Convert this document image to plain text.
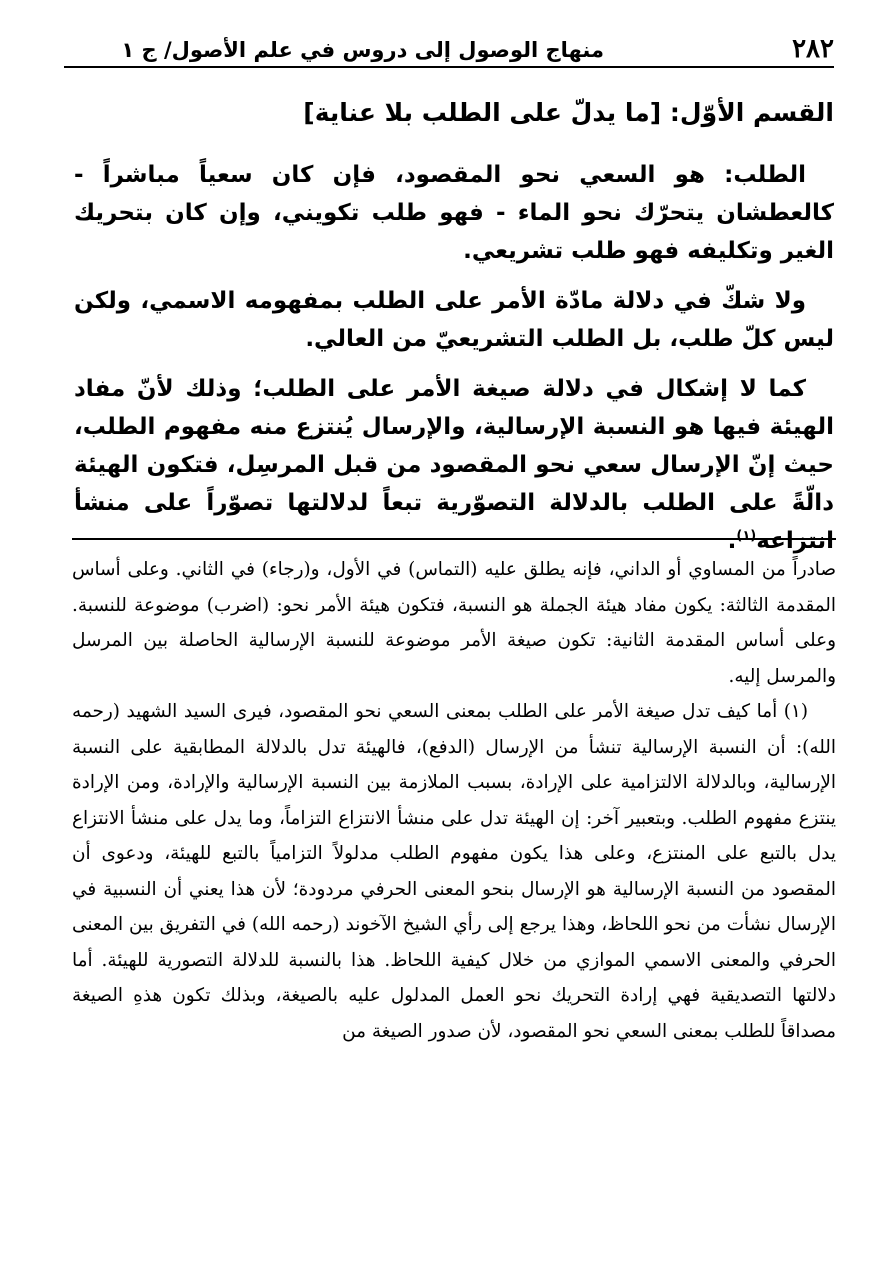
٢٨٢
منهاج الوصول إلى دروس في علم الأصول/ ج ١
القسم الأوّل: [ما يدلّ على الطلب بلا عناية]

الطلب: هو السعي نحو المقصود، فإن كان سعياً مباشراً - كالعطشان يتحرّك نحو الماء - فهو طلب تكويني، وإن كان بتحريك الغير وتكليفه فهو طلب تشريعي.

ولا شكّ في دلالة مادّة الأمر على الطلب بمفهومه الاسمي، ولكن ليس كلّ طلب، بل الطلب التشريعيّ من العالي.

كما لا إشكال في دلالة صيغة الأمر على الطلب؛ وذلك لأنّ مفاد الهيئة فيها هو النسبة الإرسالية، والإرسال يُنتزع منه مفهوم الطلب، حيث إنّ الإرسال سعي نحو المقصود من قبل المرسِل، فتكون الهيئة دالّةً على الطلب بالدلالة التصوّرية تبعاً لدلالتها تصوّراً على منشأ انتزاعه$^{(١)}$.

صادراً من المساوي أو الداني، فإنه يطلق عليه (التماس) في الأول، و(رجاء) في الثاني. وعلى أساس المقدمة الثالثة: يكون مفاد هيئة الجملة هو النسبة، فتكون هيئة الأمر نحو: (اضرب) موضوعة للنسبة. وعلى أساس المقدمة الثانية: تكون صيغة الأمر موضوعة للنسبة الإرسالية الحاصلة بين المرسل والمرسل إليه.

(١) أما كيف تدل صيغة الأمر على الطلب بمعنى السعي نحو المقصود، فيرى السيد الشهيد (رحمه الله): أن النسبة الإرسالية تنشأ من الإرسال (الدفع)، فالهيئة تدل بالدلالة المطابقية على النسبة الإرسالية، وبالدلالة الالتزامية على الإرادة، بسبب الملازمة بين النسبة الإرسالية والإرادة، ومن الإرادة ينتزع مفهوم الطلب. وبتعبير آخر: إن الهيئة تدل على منشأ الانتزاع التزاماً، وما يدل على منشأ الانتزاع يدل بالتبع على المنتزع، وعلى هذا يكون مفهوم الطلب مدلولاً التزامياً بالتبع للهيئة، ودعوى أن المقصود من النسبة الإرسالية هو الإرسال بنحو المعنى الحرفي مردودة؛ لأن هذا يعني أن النسبية في الإرسال نشأت من نحو اللحاظ، وهذا يرجع إلى رأي الشيخ الآخوند (رحمه الله) في التفريق بين المعنى الحرفي والمعنى الاسمي الموازي من خلال كيفية اللحاظ. هذا بالنسبة للدلالة التصورية للهيئة. أما دلالتها التصديقية فهي إرادة التحريك نحو العمل المدلول عليه بالصيغة، وبذلك تكون هذهِ الصيغة مصداقاً للطلب بمعنى السعي نحو المقصود، لأن صدور الصيغة من
